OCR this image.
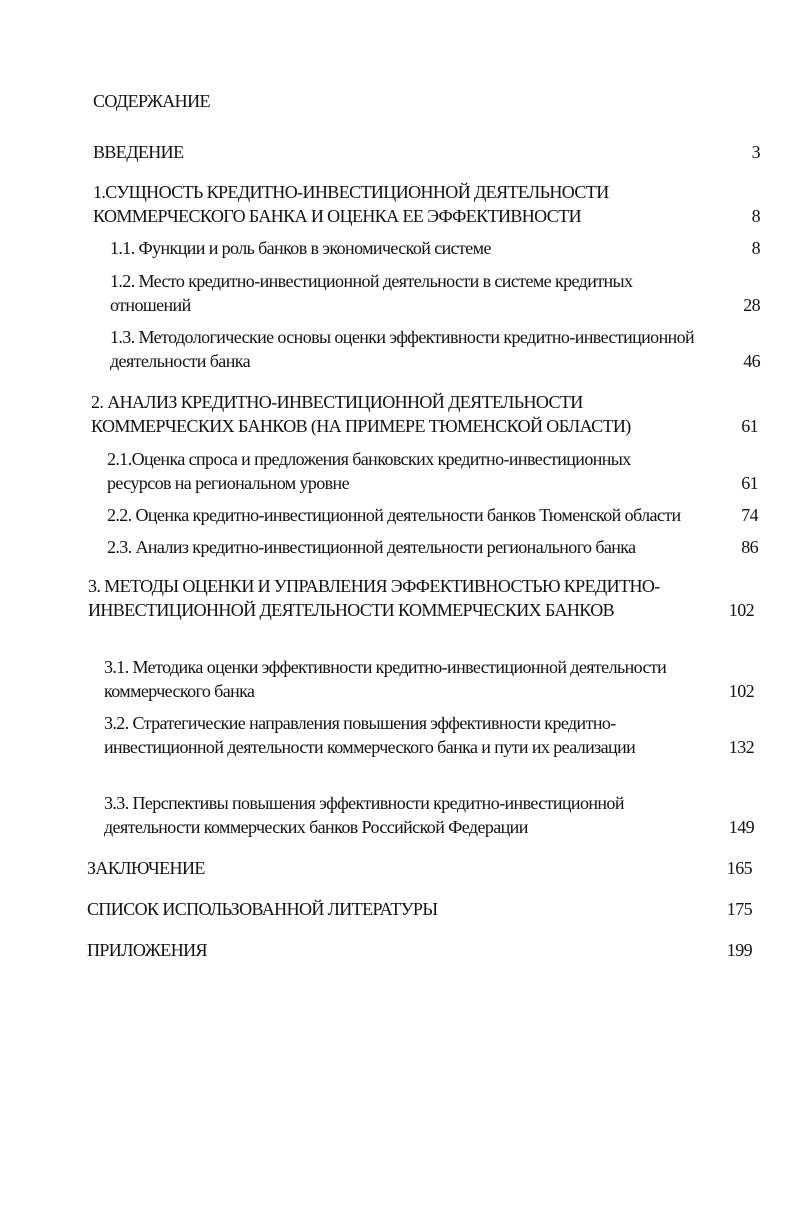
СОДЕРЖАНИЕ
ВВЕДЕНИЕ	3
1.СУЩНОСТЬ КРЕДИТНО-ИНВЕСТИЦИОННОЙ ДЕЯТЕЛЬНОСТИ КОММЕРЧЕСКОГО БАНКА И ОЦЕНКА ЕЕ ЭФФЕКТИВНОСТИ	8
1.1. Функции и роль банков в экономической системе	8
1.2. Место кредитно-инвестиционной деятельности в системе кредитных отношений	28
1.3. Методологические основы оценки эффективности кредитно-инвестиционной деятельности банка	46
2. АНАЛИЗ КРЕДИТНО-ИНВЕСТИЦИОННОЙ ДЕЯТЕЛЬНОСТИ КОММЕРЧЕСКИХ БАНКОВ (НА ПРИМЕРЕ ТЮМЕНСКОЙ ОБЛАСТИ)	61
2.1.Оценка спроса и предложения банковских кредитно-инвестиционных ресурсов на региональном уровне	61
2.2. Оценка кредитно-инвестиционной деятельности банков Тюменской области	74
2.3. Анализ кредитно-инвестиционной деятельности регионального банка	86
3. МЕТОДЫ ОЦЕНКИ И УПРАВЛЕНИЯ ЭФФЕКТИВНОСТЬЮ КРЕДИТНО-ИНВЕСТИЦИОННОЙ ДЕЯТЕЛЬНОСТИ КОММЕРЧЕСКИХ БАНКОВ	102
3.1. Методика оценки эффективности кредитно-инвестиционной деятельности коммерческого банка	102
3.2. Стратегические направления повышения эффективности кредитно-инвестиционной деятельности коммерческого банка и пути их реализации	132
3.3. Перспективы повышения эффективности кредитно-инвестиционной деятельности коммерческих банков Российской Федерации	149
ЗАКЛЮЧЕНИЕ	165
СПИСОК ИСПОЛЬЗОВАННОЙ ЛИТЕРАТУРЫ	175
ПРИЛОЖЕНИЯ	199
